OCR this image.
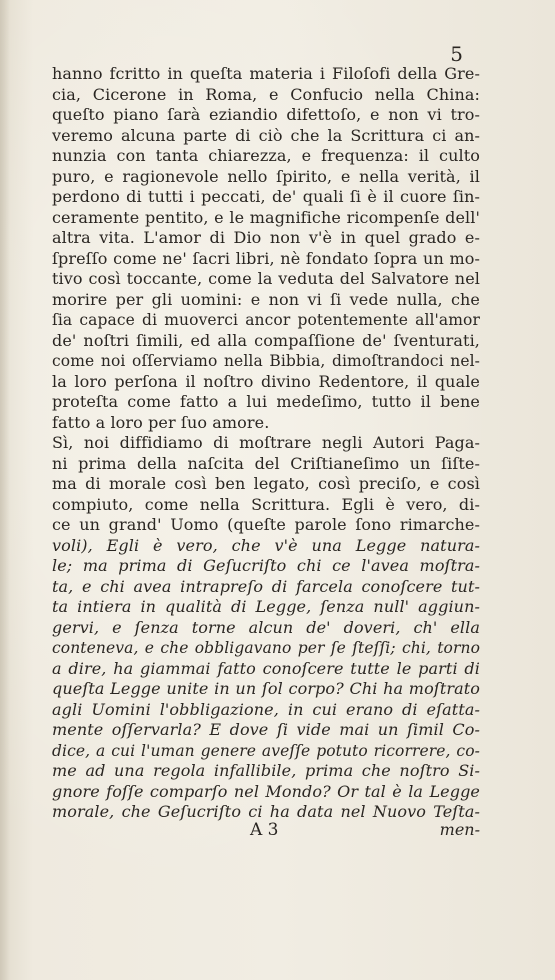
5
hanno fcritto in queſta materia i Filoſofi della Gre-
cia, Cicerone in Roma, e Confucio nella China:
queſto piano ſarà eziandio difettoſo, e non vi tro-
veremo alcuna parte di ciò che la Scrittura ci an-
nunzia con tanta chiarezza, e frequenza: il culto
puro, e ragionevole nello ſpirito, e nella verità, il
perdono di tutti i peccati, de' quali ſi è il cuore ſin-
ceramente pentito, e le magnifiche ricompenſe dell'
altra vita. L'amor di Dio non v'è in quel grado e-
ſpreſſo come ne' ſacri libri, nè fondato ſopra un mo-
tivo così toccante, come la veduta del Salvatore nel
morire per gli uomini: e non vi ſi vede nulla, che
ſia capace di muoverci ancor potentemente all'amor
de' noſtri ſimili, ed alla compaſſione de' ſventurati,
come noi oſſerviamo nella Bibbia, dimoſtrandoci nel-
la loro perſona il noſtro divino Redentore, il quale
proteſta come fatto a lui medeſimo, tutto il bene
fatto a loro per ſuo amore.
Sì, noi diffidiamo di moſtrare negli Autori Paga-
ni prima della naſcita del Criſtianeſimo un ſiſte-
ma di morale così ben legato, così preciſo, e così
compiuto, come nella Scrittura. Egli è vero, di-
ce un grand' Uomo (queſte parole ſono rimarche-
voli), Egli è vero, che v'è una Legge natura-
le; ma prima di Geſucriſto chi ce l'avea moſtra-
ta, e chi avea intrapreſo di farcela conoſcere tut-
ta intiera in qualità di Legge, ſenza null' aggiun-
gervi, e ſenza torne alcun de' doveri, ch' ella
conteneva, e che obbligavano per ſe ſteſſi; chi, torno
a dire, ha giammai fatto conoſcere tutte le parti di
queſta Legge unite in un ſol corpo? Chi ha moſtrato
agli Uomini l'obbligazione, in cui erano di eſatta-
mente oſſervarla? E dove ſi vide mai un ſimil Co-
dice, a cui l'uman genere aveſſe potuto ricorrere, co-
me ad una regola infallibile, prima che noſtro Si-
gnore foſſe comparſo nel Mondo? Or tal è la Legge
morale, che Geſucriſto ci ha data nel Nuovo Teſta-
A 3	men-
